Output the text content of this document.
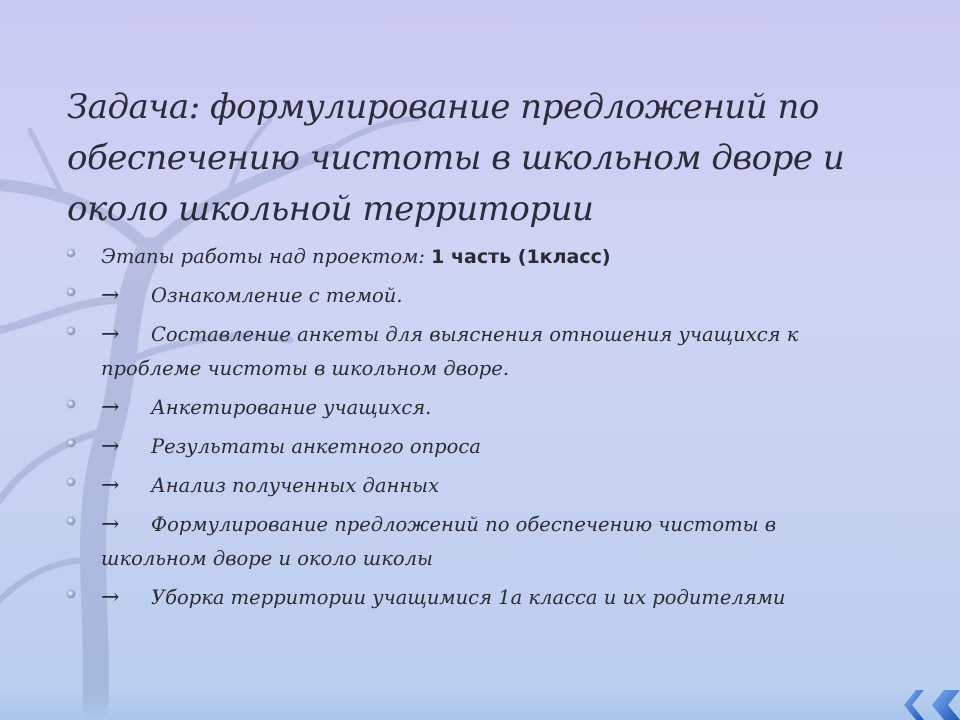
Задача: формулирование предложений по обеспечению чистоты в школьном дворе и около школьной территории
Этапы работы над проектом: 1 часть (1класс)
→ Ознакомление с темой.
→ Составление анкеты для выяснения отношения учащихся к проблеме чистоты в школьном дворе.
→ Анкетирование учащихся.
→ Результаты анкетного опроса
→ Анализ полученных данных
→ Формулирование предложений по обеспечению чистоты в школьном дворе и около школы
→ Уборка территории учащимися 1а класса и их родителями
